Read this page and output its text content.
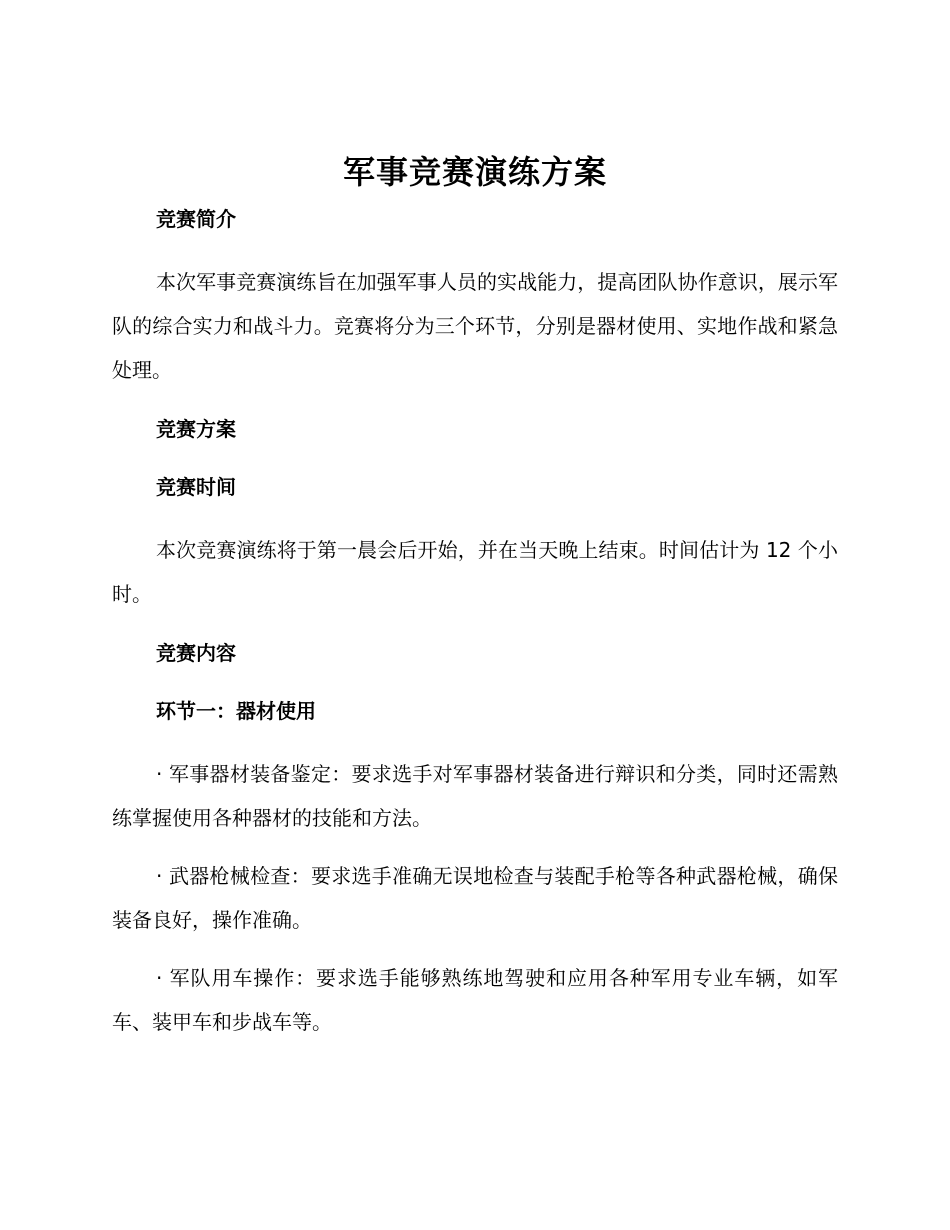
军事竞赛演练方案
竞赛简介

本次军事竞赛演练旨在加强军事人员的实战能力，提高团队协作意识，展示军队的综合实力和战斗力。竞赛将分为三个环节，分别是器材使用、实地作战和紧急处理。

竞赛方案
竞赛时间

本次竞赛演练将于第一晨会后开始，并在当天晚上结束。时间估计为 12 个小时。

竞赛内容
环节一：器材使用

· 军事器材装备鉴定：要求选手对军事器材装备进行辩识和分类，同时还需熟练掌握使用各种器材的技能和方法。

· 武器枪械检查：要求选手准确无误地检查与装配手枪等各种武器枪械，确保装备良好，操作准确。

· 军队用车操作：要求选手能够熟练地驾驶和应用各种军用专业车辆，如军车、装甲车和步战车等。
